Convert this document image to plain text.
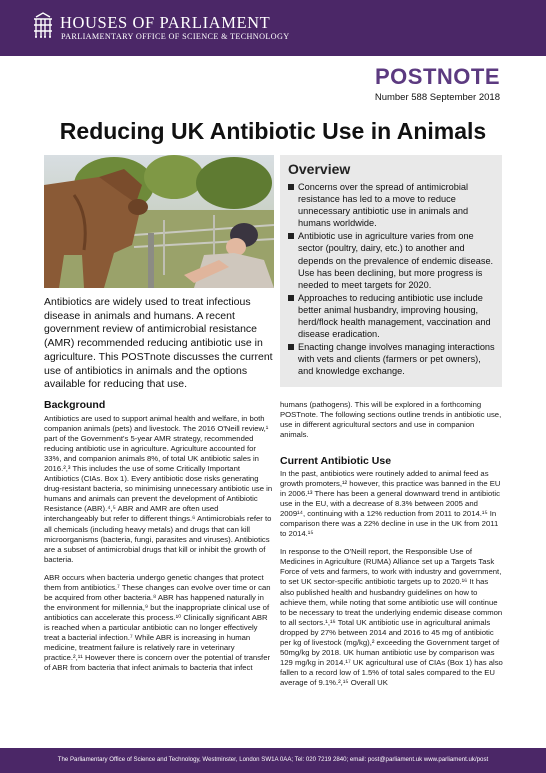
HOUSES OF PARLIAMENT
PARLIAMENTARY OFFICE OF SCIENCE & TECHNOLOGY
POSTNOTE
Number 588 September 2018
Reducing UK Antibiotic Use in Animals

Antibiotics are widely used to treat infectious disease in animals and humans. A recent government review of antimicrobial resistance (AMR) recommended reducing antibiotic use in agriculture. This POSTnote discusses the current use of antibiotics in animals and the options available for reducing that use.

Overview
Concerns over the spread of antimicrobial resistance has led to a move to reduce unnecessary antibiotic use in animals and humans worldwide.
Antibiotic use in agriculture varies from one sector (poultry, dairy, etc.) to another and depends on the prevalence of endemic disease. Use has been declining, but more progress is needed to meet targets for 2020.
Approaches to reducing antibiotic use include better animal husbandry, improving housing, herd/flock health management, vaccination and disease eradication.
Enacting change involves managing interactions with vets and clients (farmers or pet owners), and knowledge exchange.
Background

Antibiotics are used to support animal health and welfare, in both companion animals (pets) and livestock. The 2016 O'Neill review,¹ part of the Government's 5-year AMR strategy, recommended reducing antibiotic use in agriculture. Agriculture accounted for 33%, and companion animals 8%, of total UK antibiotic sales in 2016.²,³ This includes the use of some Critically Important Antibiotics (CIAs. Box 1). Every antibiotic dose risks generating drug-resistant bacteria, so minimising unnecessary antibiotic use in humans and animals can prevent the development of Antibiotic Resistance (ABR).⁴,⁵ ABR and AMR are often used interchangeably but refer to different things.⁶ Antimicrobials refer to all chemicals (including heavy metals) and drugs that can kill microorganisms (bacteria, fungi, parasites and viruses). Antibiotics are a subset of antimicrobial drugs that kill or inhibit the growth of bacteria.

ABR occurs when bacteria undergo genetic changes that protect them from antibiotics.⁷ These changes can evolve over time or can be acquired from other bacteria.⁸ ABR has happened naturally in the environment for millennia,⁹ but the inappropriate clinical use of antibiotics can accelerate this process.¹⁰ Clinically significant ABR is reached when a particular antibiotic can no longer effectively treat a bacterial infection.⁷ While ABR is increasing in human medicine, treatment failure is relatively rare in veterinary practice.²,¹¹ However there is concern over the potential of transfer of ABR from bacteria that infect animals to bacteria that infect

humans (pathogens). This will be explored in a forthcoming POSTnote. The following sections outline trends in antibiotic use, use in different agricultural sectors and use in companion animals.

Current Antibiotic Use

In the past, antibiotics were routinely added to animal feed as growth promoters,¹² however, this practice was banned in the EU in 2006.¹³ There has been a general downward trend in antibiotic use in the EU, with a decrease of 8.3% between 2005 and 2009¹⁴, continuing with a 12% reduction from 2011 to 2014.¹⁵ In comparison there was a 22% decline in use in the UK from 2011 to 2014.¹⁵

In response to the O'Neill report, the Responsible Use of Medicines in Agriculture (RUMA) Alliance set up a Targets Task Force of vets and farmers, to work with industry and government, to set UK sector-specific antibiotic targets up to 2020.¹⁶ It has also published health and husbandry guidelines on how to achieve them, while noting that some antibiotic use will continue to be necessary to treat the underlying endemic disease common to all sectors.¹,¹⁶ Total UK antibiotic use in agricultural animals dropped by 27% between 2014 and 2016 to 45 mg of antibiotic per kg of livestock (mg/kg),² exceeding the Government target of 50mg/kg by 2018. UK human antibiotic use by comparison was 129 mg/kg in 2014.¹⁷ UK agricultural use of CIAs (Box 1) has also fallen to a record low of 1.5% of total sales compared to the EU average of 9.1%.²,¹⁵ Overall UK

The Parliamentary Office of Science and Technology, Westminster, London SW1A 0AA; Tel: 020 7219 2840; email: post@parliament.uk www.parliament.uk/post
